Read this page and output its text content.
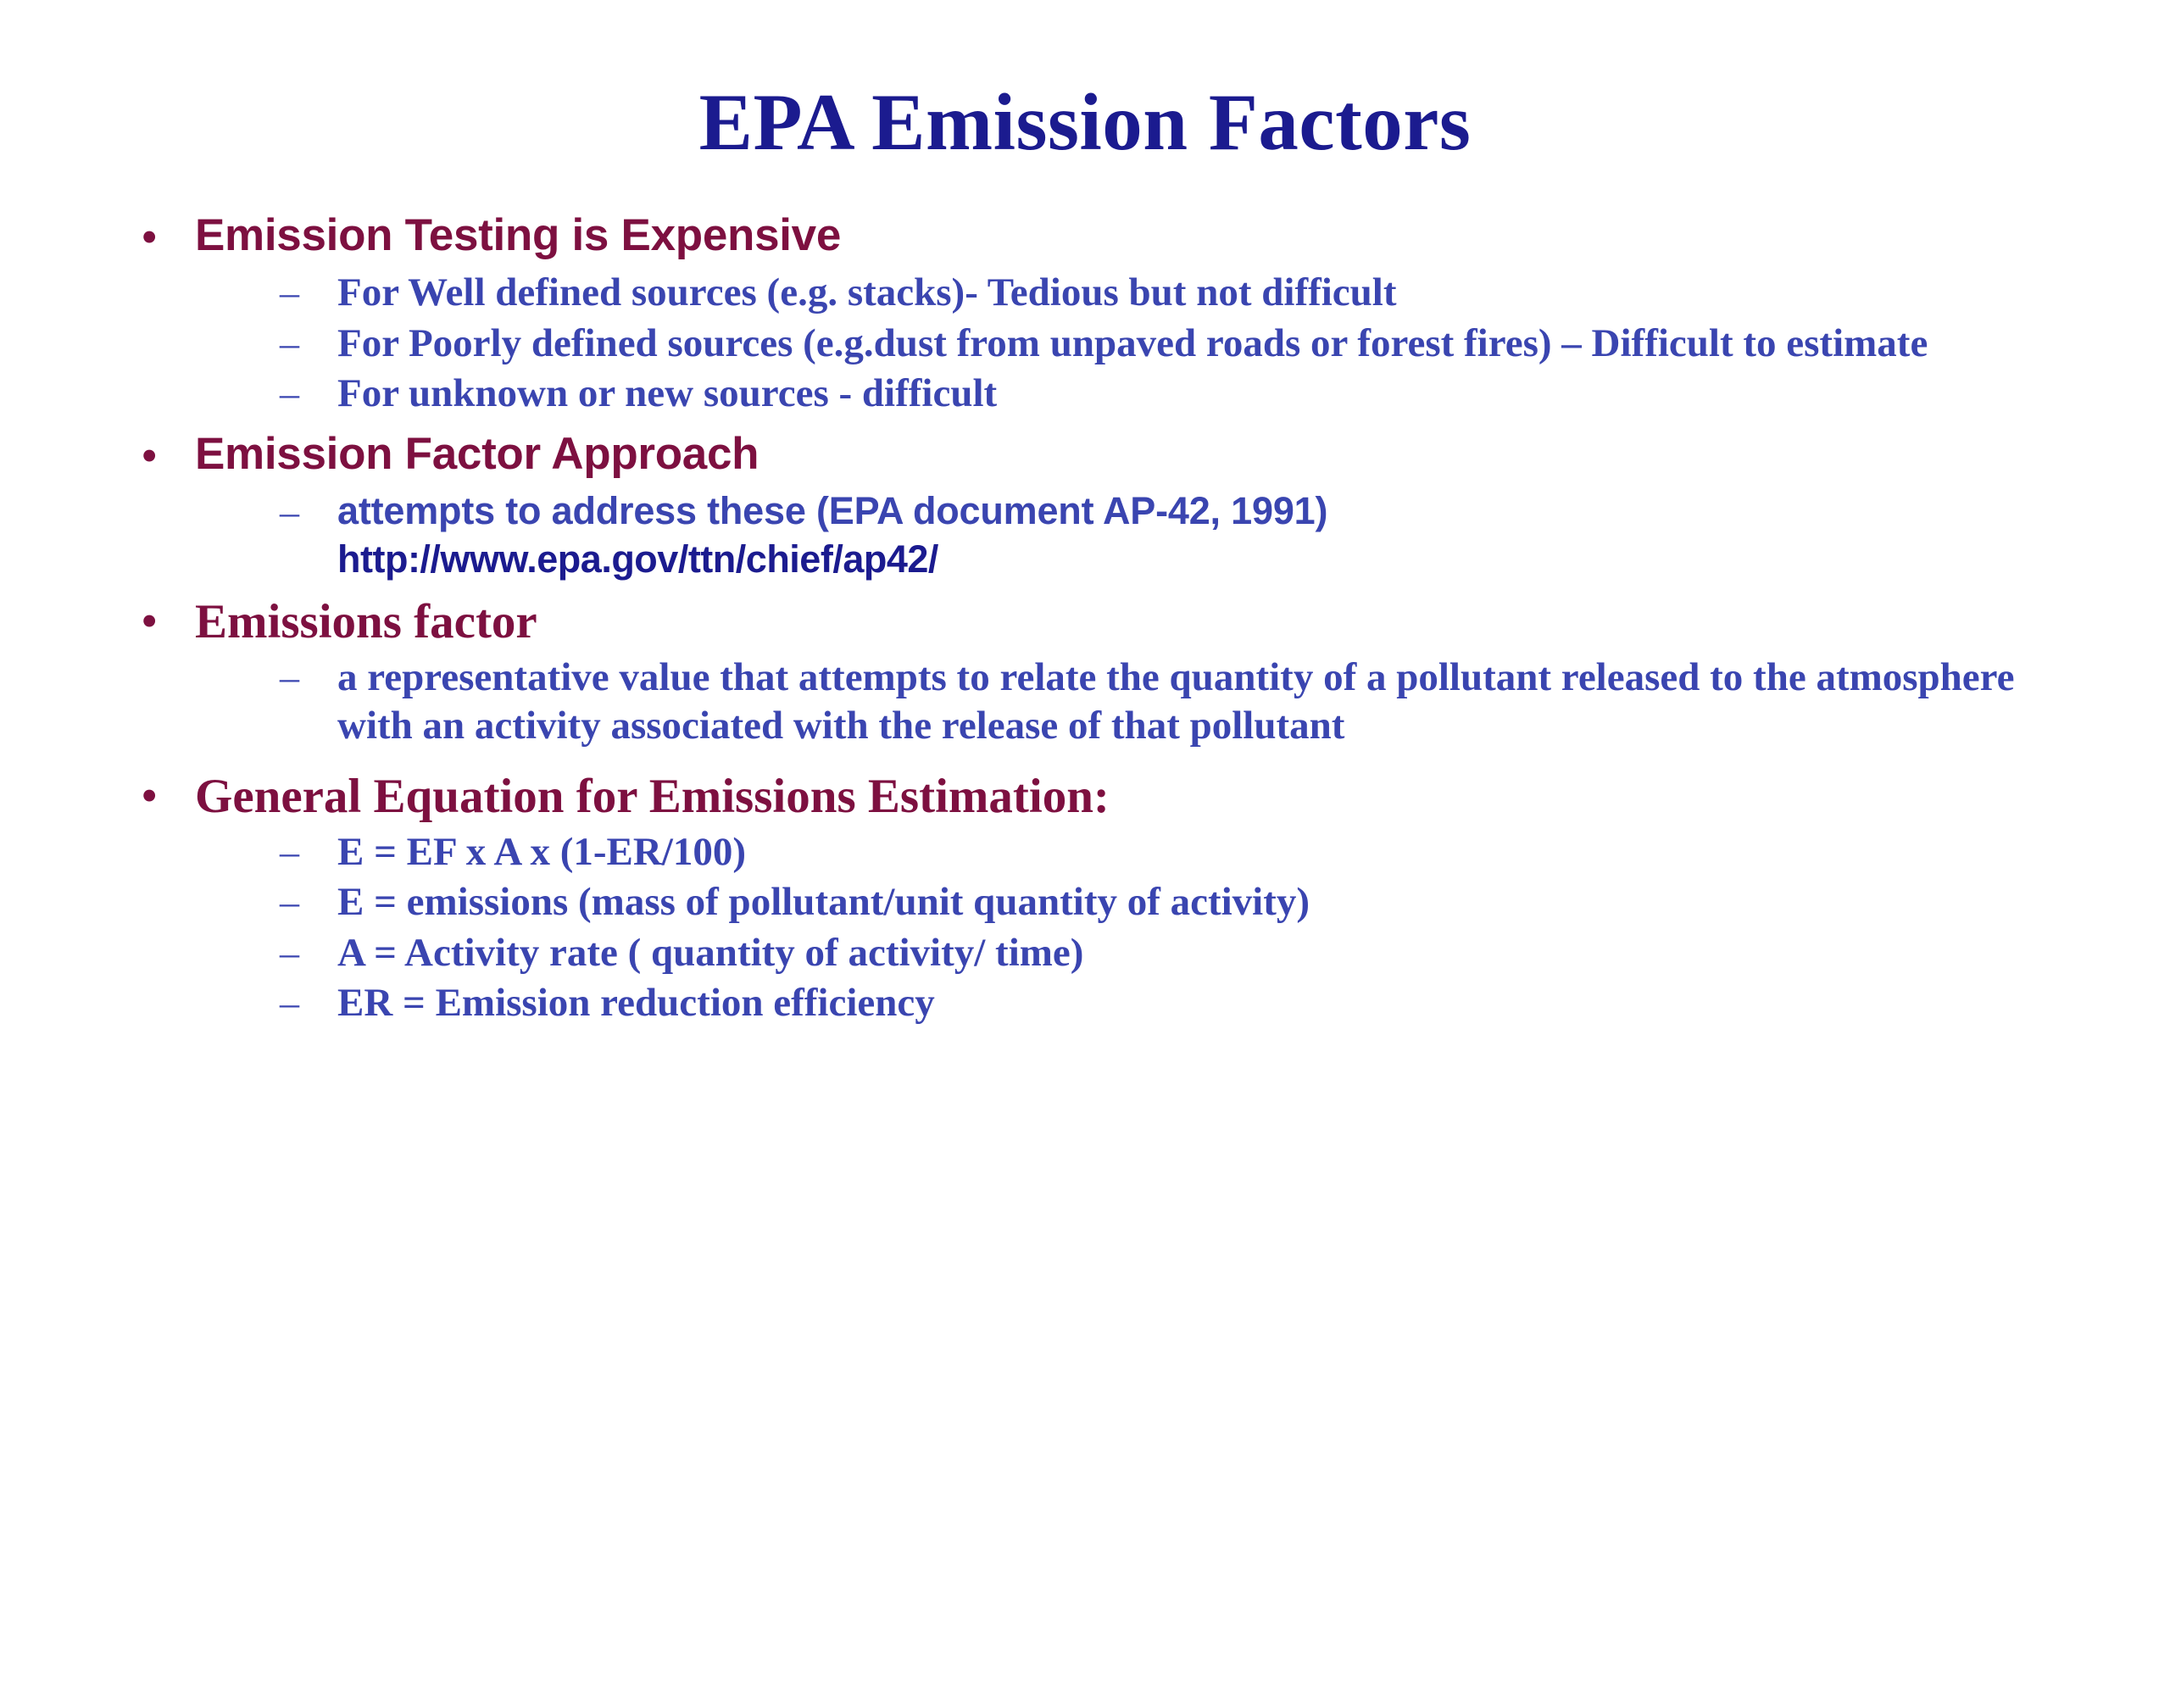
EPA Emission Factors
• Emission Testing is Expensive
– For Well defined sources (e.g. stacks)- Tedious but not difficult
– For Poorly defined sources (e.g.dust from unpaved roads or forest fires) – Difficult to estimate
– For unknown or new sources - difficult
• Emission Factor Approach
–	attempts to address these (EPA document AP-42, 1991)
http://www.epa.gov/ttn/chief/ap42/
• Emissions factor
– a representative value that attempts to relate the quantity of a pollutant released to the atmosphere with an activity associated with the release of that pollutant
• General Equation for Emissions Estimation:
– E = EF x A x (1-ER/100)
– E = emissions (mass of pollutant/unit quantity of activity)
– A = Activity rate ( quantity of activity/ time)
– ER = Emission reduction efficiency
